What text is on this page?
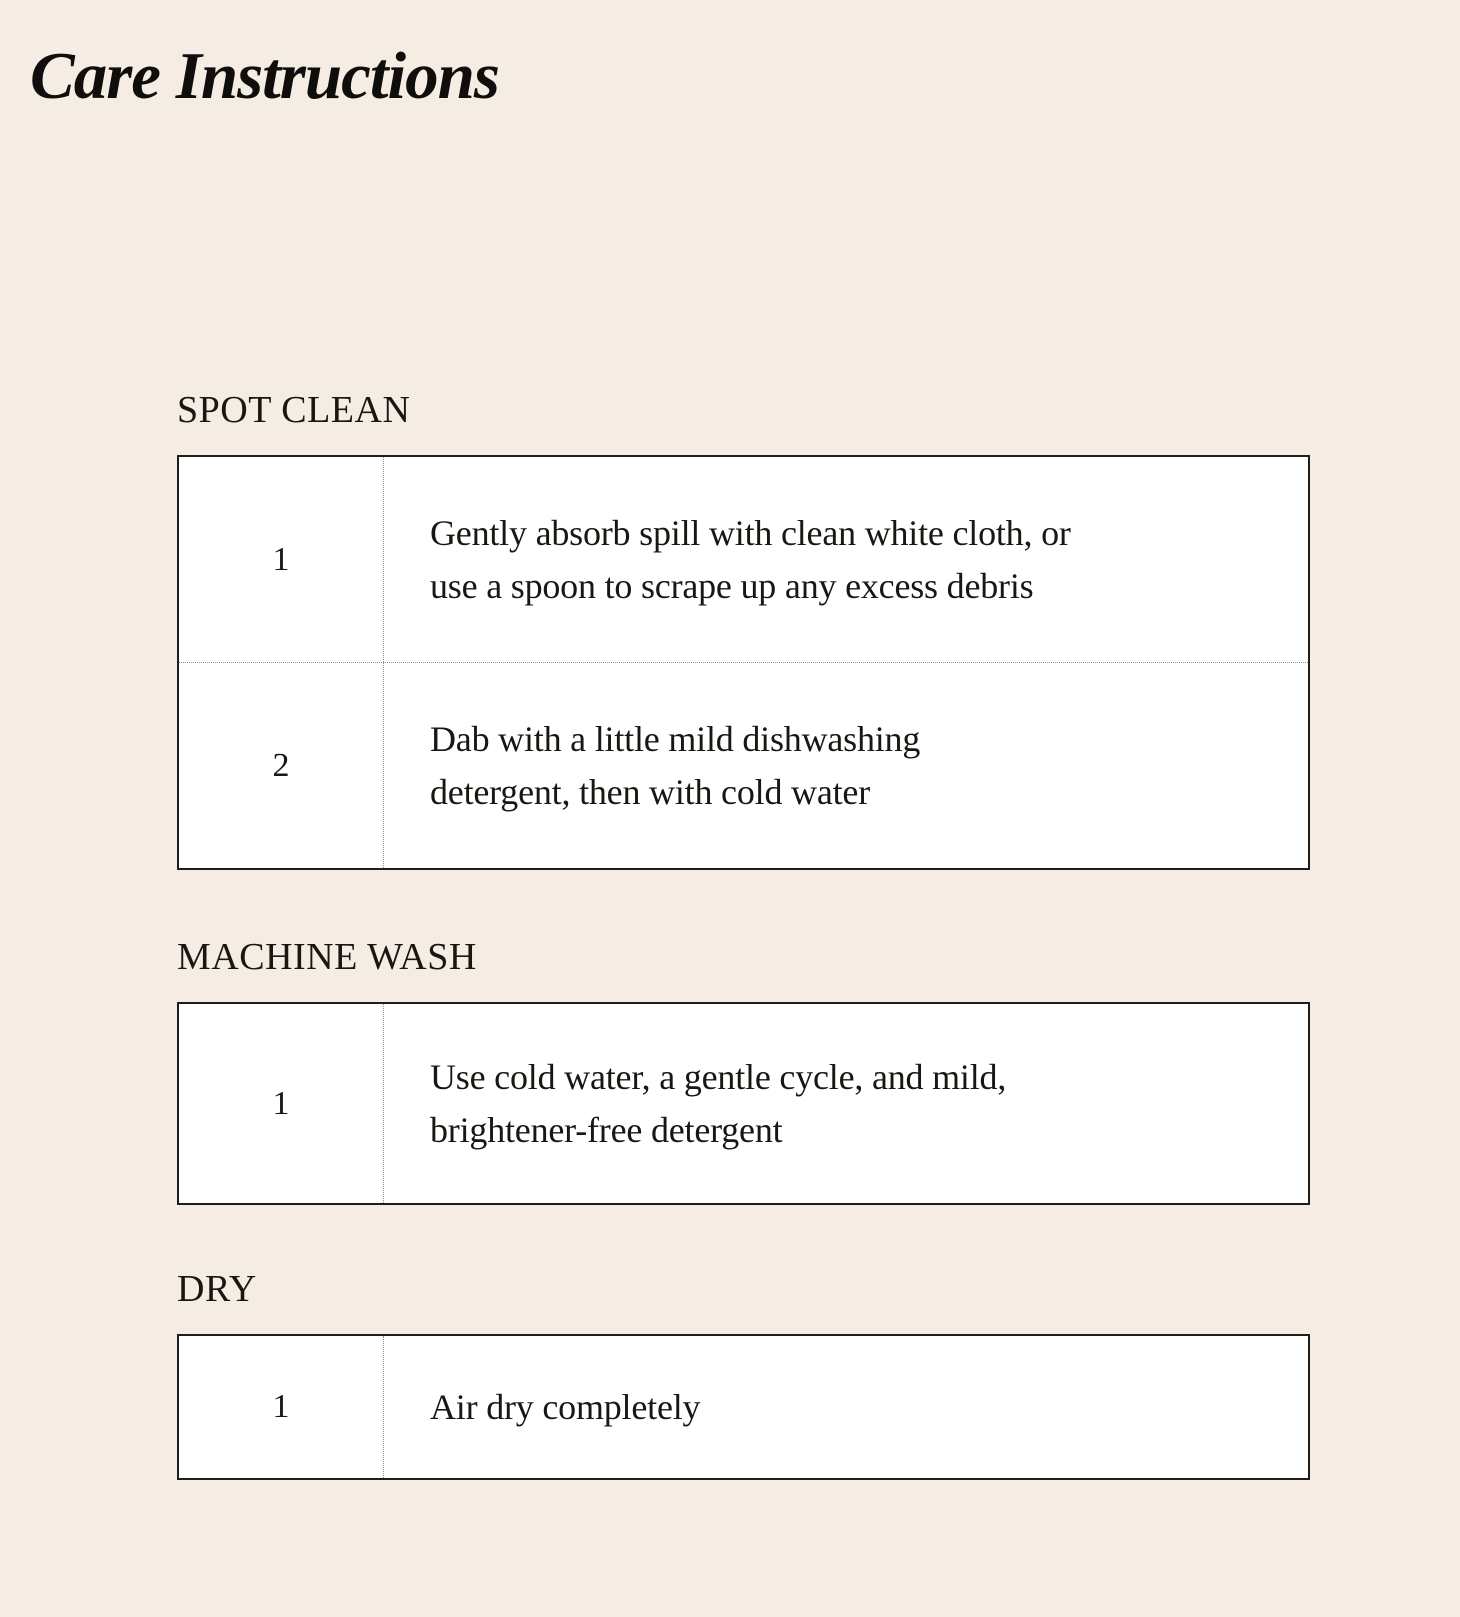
Care Instructions
SPOT CLEAN
1
Gently absorb spill with clean white cloth, or
use a spoon to scrape up any excess debris
2
Dab with a little mild dishwashing
detergent, then with cold water
MACHINE WASH
1
Use cold water, a gentle cycle, and mild,
brightener-free detergent
DRY
1	Air dry completely
